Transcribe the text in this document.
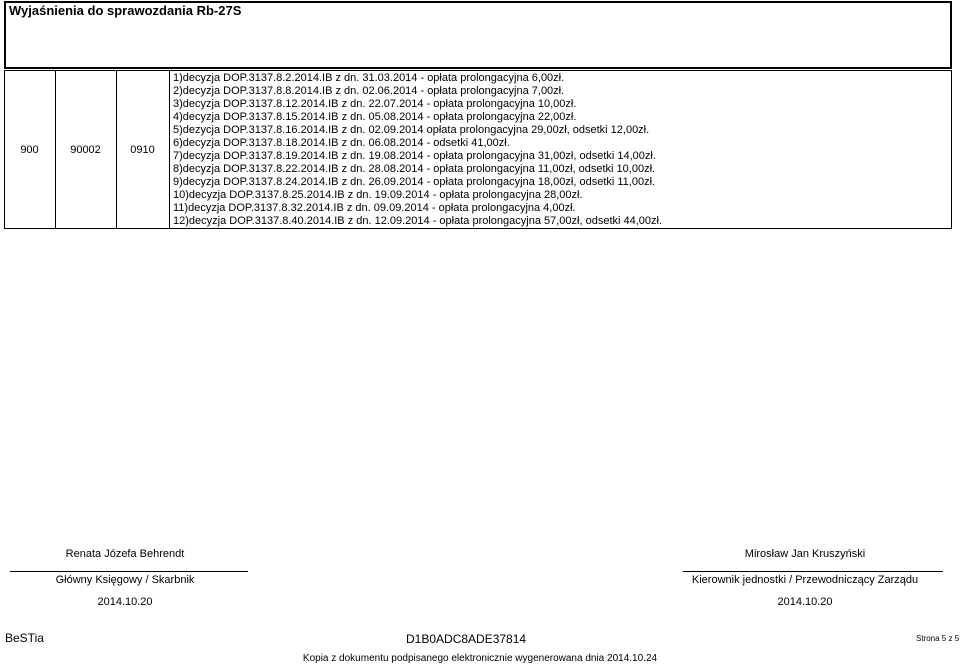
Wyjaśnienia do sprawozdania Rb-27S
900	90002	0910
1)decyzja DOP.3137.8.2.2014.IB z dn. 31.03.2014 - opłata prolongacyjna 6,00zł.
2)decyzja DOP.3137.8.8.2014.IB z dn. 02.06.2014 - opłata prolongacyjna 7,00zł.
3)decyzja DOP.3137.8.12.2014.IB z dn. 22.07.2014 - opłata prolongacyjna 10,00zł.
4)decyzja DOP.3137.8.15.2014.IB z dn. 05.08.2014 - opłata prolongacyjna 22,00zł.
5)dezycja DOP.3137.8.16.2014.IB z dn. 02.09.2014 opłata prolongacyjna 29,00zł, odsetki 12,00zł.
6)decyzja DOP.3137.8.18.2014.IB z dn. 06.08.2014 - odsetki 41,00zł.
7)decyzja DOP.3137.8.19.2014.IB z dn. 19.08.2014 - opłata prolongacyjna 31,00zł, odsetki 14,00zł.
8)decyzja DOP.3137.8.22.2014.IB z dn. 28.08.2014 - opłata prolongacyjna 11,00zł, odsetki 10,00zł.
9)decyzja DOP.3137.8.24.2014.IB z dn. 26.09.2014 - opłata prolongacyjna 18,00zł, odsetki 11,00zł.
10)decyzja DOP.3137.8.25.2014.IB z dn. 19.09.2014 - opłata prolongacyjna 28,00zł.
11)decyzja DOP.3137.8.32.2014.IB z dn. 09.09.2014 - opłata prolongacyjna 4,00zł.
12)decyzja DOP.3137.8.40.2014.IB z dn. 12.09.2014 - opłata prolongacyjna 57,00zł, odsetki 44,00zł.
Renata Józefa Behrendt
Główny Księgowy / Skarbnik
2014.10.20
Mirosław Jan Kruszyński
Kierownik jednostki / Przewodniczący Zarządu
2014.10.20
BeSTia	D1B0ADC8ADE37814	Strona 5 z 5
Kopia z dokumentu podpisanego elektronicznie wygenerowana dnia 2014.10.24
